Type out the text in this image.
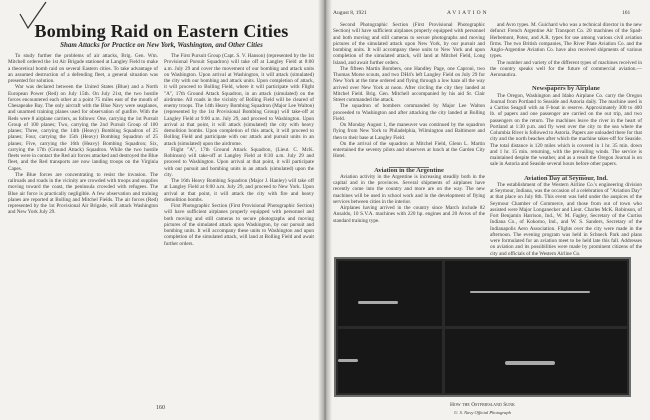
Bombing Raid on Eastern Cities
Sham Attacks for Practice on New York, Washington, and Other Cities

To study further the problems of air attacks, Brig. Gen. Wm. Mitchell ordered the 1st Air Brigade stationed at Langley Field to make a theoretical bomb raid on several Eastern cities. To take advantage of an assumed destruction of a defending fleet, a general situation was presented for solution.

War was declared between the United States (Blue) and a North European Power (Red) on July 15th. On July 21st, the two hostile forces encountered each other at a point 75 miles east of the mouth of Chesapeake Bay. The only aircraft with the Blue Navy were seaplanes, and unarmed training planes used for observation of gunfire. With the Reds were 8 airplane carriers, as follows: One, carrying the 1st Pursuit Group of 100 planes; Two, carrying the 2nd Pursuit Group of 100 planes; Three, carrying the 14th (Heavy) Bombing Squadron of 25 planes; Four, carrying the 15th (Heavy) Bombing Squadron of 25 planes; Five, carrying the 16th (Heavy) Bombing Squadron; Six, carrying the 17th (Ground Attack) Squadron. While the two hostile fleets were in contact the Red air forces attacked and destroyed the Blue fleet, and the Red transports are now landing troops on the Virginia Capes.

The Blue forces are concentrating to resist the invasion. The railroads and roads in the vicinity are crowded with troops and supplies moving toward the coast, the peninsula crowded with refugees. The Blue air force is practically negligible. A few observation and training planes are reported at Bolling and Mitchel Fields. The air forces (Red) represented by the 1st Provisional Air Brigade, will attack Washington and New York July 29.

The First Pursuit Group (Capt. S. V. Hanson) (represented by the 1st Provisional Pursuit Squadron) will take off at Langley Field at 8:00 a.m. July 29 and cover the movement of our bombing and attack units on Washington. Upon arrival at Washington, it will attack (simulated) the city with our bombing and attack units. Upon completion of attack, it will proceed to Bolling Field, where it will participate with Flight "A", 17th Ground Attack Squadron, in an attack (simulated) on the airdrome. All roads in the vicinity of Bolling Field will be cleared of enemy troops. The 14th Heavy Bombing Squadron (Major Lee Walton) (represented by the 1st Provisional Bombing Group) will take-off at Langley Field at 9:00 a.m. July 29, and proceed to Washington. Upon arrival at that point, it will attack (simulated) the city with heavy demolition bombs. Upon completion of this attack, it will proceed to Bolling Field and participate with our attack and pursuit units in an attack (simulated) upon the airdrome.

Flight "A", 17th Ground Attack Squadron, (Lieut. C. McK. Robinson) will take-off at Langley Field at 8:30 a.m. July 29 and proceed to Washington. Upon arrival at that point, it will participate with our pursuit and bombing units in an attack (simulated) upon the city.

The 16th Heavy Bombing Squadron (Major J. Hanley) will take off at Langley Field at 6:00 a.m. July 29, and proceed to New York. Upon arrival at that point, it will attack the city with fire and heavy demolition bombs.

First Photographic Section (First Provisional Photographic Section) will have sufficient airplanes properly equipped with personnel and both moving and still cameras to secure photographs and moving pictures of the simulated attack upon Washington, by our pursuit and bombing units. It will accompany these units to Washington and upon completion of the simulated attack, will land at Bolling Field and await further orders.

160
August 8, 1921	AVIATION	161

Second Photographic Section (First Provisional Photographic Section) will have sufficient airplanes properly equipped with personnel and both moving and still cameras to secure photographs and moving pictures of the simulated attack upon New York, by our pursuit and bombing units. It will accompany these units to New York and upon completion of the simulated attack, will land at Mitchel Field, Long Island, and await further orders.

The fifteen Martin Bombers, one Handley Page, one Caproni, two Thomas Morse scouts, and two DH4's left Langley Field on July 29 for New York at the time ordered and flying through a low haze all the way arrived over New York at noon. After circling the city they landed at Mitchel Field. Brig. Gen. Mitchell accompanied by his aid St. Clair Street commanded the attack.

The squadron of bombers commanded by Major Lee Walton proceeded to Washington and after attacking the city landed at Bolling Field.

On Monday August 1, the maneuver was continued by the squadron flying from New York to Philadelphia, Wilmington and Baltimore and then to their base at Langley Field.

On the arrival of the squadron at Mitchel Field, Glenn L. Martin entertained the seventy pilots and observers at lunch at the Garden City Hotel.

Aviation in the Argentine

Aviation activity in the Argentine is increasing steadily both in the capital and in the provinces. Several shipments of airplanes have recently come into the country and more are on the way. The new machines will be used in school work and in the development of flying services between cities in the interior.

Airplanes having arrived in the country since March include 82 Ansaldo, 10 S.V.A. machines with 220 hp. engines and 20 Avros of the standard training type.

and Avro types. M. Guichard who was a technical director in the new defunct French Argentine Air Transport Co. 20 machines of the Spad-Herbemont, Potez, and A.R. types for use among various civil aviation firms. The two British companies, The River Plate Aviation Co. and the Anglo-Argentine Aviation Co. have also received shipments of various types.

The number and variety of the different types of machines received in the country speaks well for the future of commercial aviation.—Aeronautica.

Newspapers by Airplane

The Oregon, Washington and Idaho Airplane Co. carry the Oregon Journal from Portland to Seaside and Astoria daily. The machine used is a Curtiss Seagull with an F-boat in reserve. Approximately 300 to 400 lb. of papers and one passenger are carried on the out trip, and two passengers on the return. The machines leave the river in the heart of Portland at 1:30 p.m. and fly west over the city to the sea where the Columbia River is followed to Astoria. Papers are unloaded there for that city and the north beaches after which the machine takes-off for Seaside. The total distance is 120 miles which is covered in 1 hr. 35 min. down and 1 hr. 15 min. returning, with the prevailing winds. The service is maintained despite the weather, and as a result the Oregon Journal is on sale in Astoria and Seaside several hours before other papers.

Aviation Day at Seymour, Ind.

The establishment of the Western Airline Co.'s engineering division at Seymour, Indiana, was the occasion of a celebration of "Aviation Day" at that place on July 8th. This event was held under the auspices of the Seymour Chamber of Commerce, and those from out of town who assisted were Major Longanecker and Lieut. Charles McK. Robinson, of Fort Benjamin Harrison, Ind., W. M. Fagley, Secretary of the Curtiss Indiana Co., of Kokomo, Ind., and W. S. Sanders, Secretary of the Indianapolis Aero Association. Flights over the city were made in the afternoon. The evening program was held in Schneck Park and plans were formulated for an aviation meet to be held late this fall. Addresses on aviation and its possibilities were made by prominent citizens of the city and officials of the Western Airline Co.

How the Ostfriesland Sunk
U. S. Navy Official Photograph
